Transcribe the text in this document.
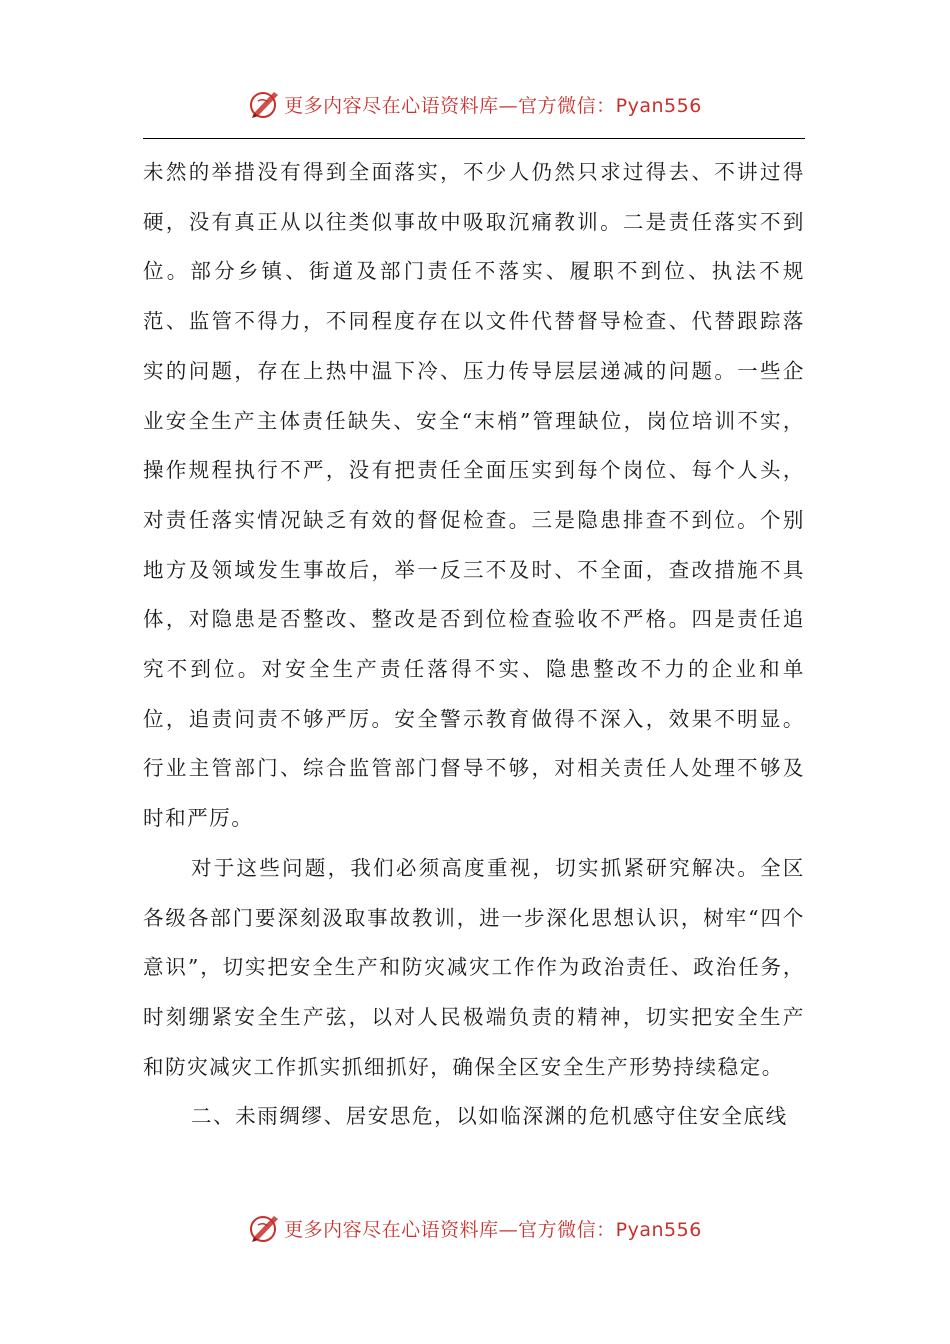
更多内容尽在心语资料库—官方微信：Pyan556

未然的举措没有得到全面落实，不少人仍然只求过得去、不讲过得硬，没有真正从以往类似事故中吸取沉痛教训。二是责任落实不到位。部分乡镇、街道及部门责任不落实、履职不到位、执法不规范、监管不得力，不同程度存在以文件代替督导检查、代替跟踪落实的问题，存在上热中温下冷、压力传导层层递减的问题。一些企业安全生产主体责任缺失、安全“末梢”管理缺位，岗位培训不实，操作规程执行不严，没有把责任全面压实到每个岗位、每个人头，对责任落实情况缺乏有效的督促检查。三是隐患排查不到位。个别地方及领域发生事故后，举一反三不及时、不全面，查改措施不具体，对隐患是否整改、整改是否到位检查验收不严格。四是责任追究不到位。对安全生产责任落得不实、隐患整改不力的企业和单位，追责问责不够严厉。安全警示教育做得不深入，效果不明显。行业主管部门、综合监管部门督导不够，对相关责任人处理不够及时和严厉。

对于这些问题，我们必须高度重视，切实抓紧研究解决。全区各级各部门要深刻汲取事故教训，进一步深化思想认识，树牢“四个意识”，切实把安全生产和防灾减灾工作作为政治责任、政治任务，时刻绷紧安全生产弦，以对人民极端负责的精神，切实把安全生产和防灾减灾工作抓实抓细抓好，确保全区安全生产形势持续稳定。

二、未雨绸缪、居安思危，以如临深渊的危机感守住安全底线

更多内容尽在心语资料库—官方微信：Pyan556
